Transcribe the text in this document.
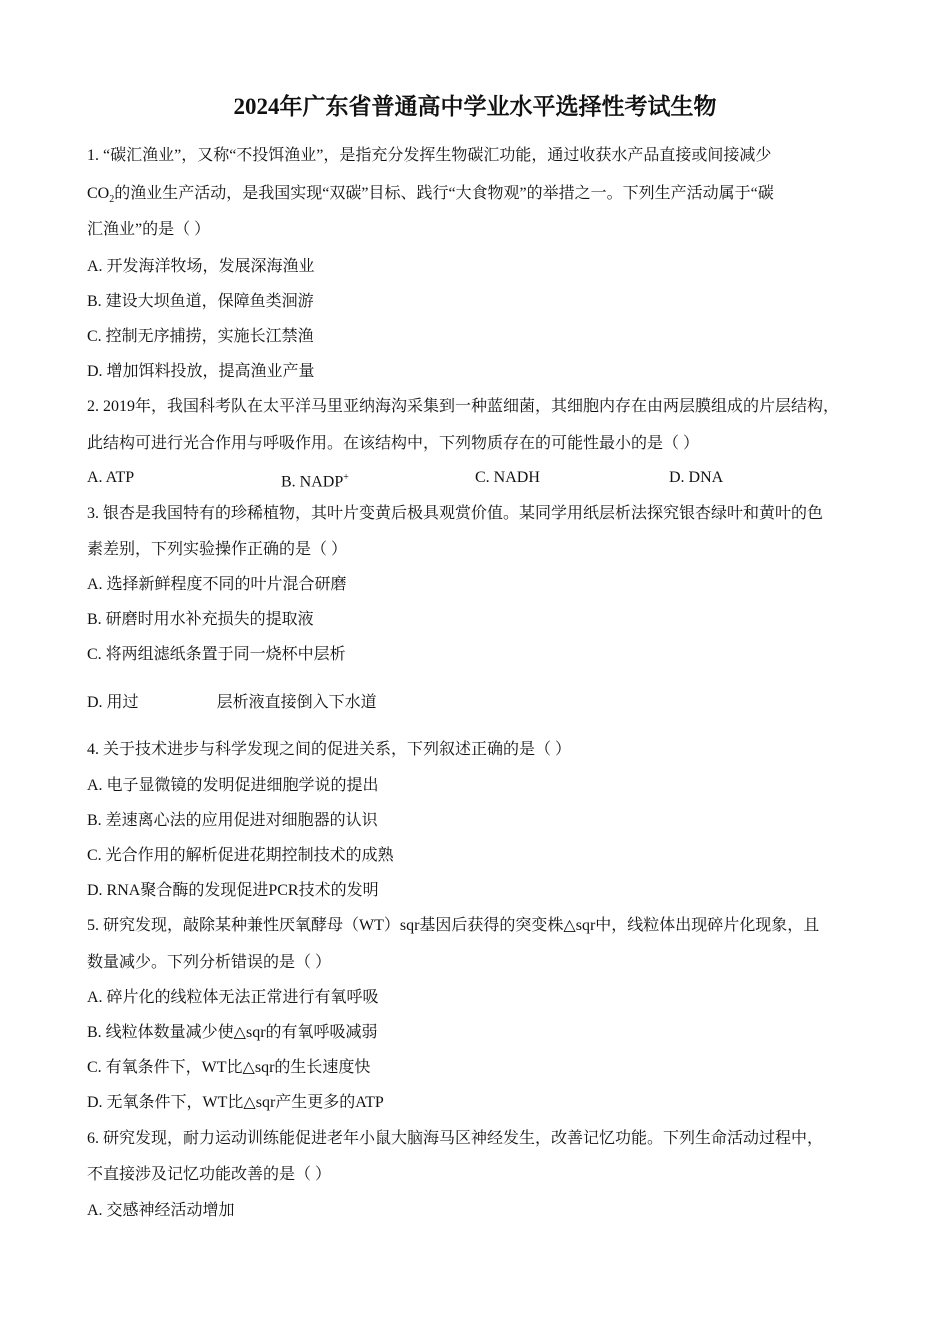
2024年广东省普通高中学业水平选择性考试生物
1. “碳汇渔业”，又称“不投饵渔业”，是指充分发挥生物碳汇功能，通过收获水产品直接或间接减少
汇渔业”的是（ ）
A. 开发海洋牧场，发展深海渔业
B. 建设大坝鱼道，保障鱼类洄游
C. 控制无序捕捞，实施长江禁渔
D. 增加饵料投放，提高渔业产量
2. 2019年，我国科考队在太平洋马里亚纳海沟采集到一种蓝细菌，其细胞内存在由两层膜组成的片层结构，
此结构可进行光合作用与呼吸作用。在该结构中，下列物质存在的可能性最小的是（ ）
3. 银杏是我国特有的珍稀植物，其叶片变黄后极具观赏价值。某同学用纸层析法探究银杏绿叶和黄叶的色
素差别，下列实验操作正确的是（ ）
A. 选择新鲜程度不同的叶片混合研磨
B. 研磨时用水补充损失的提取液
C. 将两组滤纸条置于同一烧杯中层析
4. 关于技术进步与科学发现之间的促进关系，下列叙述正确的是（ ）
A. 电子显微镜的发明促进细胞学说的提出
B. 差速离心法的应用促进对细胞器的认识
C. 光合作用的解析促进花期控制技术的成熟
D. RNA聚合酶的发现促进PCR技术的发明
5. 研究发现，敲除某种兼性厌氧酵母（WT）sqr基因后获得的突变株△sqr中，线粒体出现碎片化现象，且
数量减少。下列分析错误的是（ ）
A. 碎片化的线粒体无法正常进行有氧呼吸
B. 线粒体数量减少使△sqr的有氧呼吸减弱
C. 有氧条件下，WT比△sqr的生长速度快
D. 无氧条件下，WT比△sqr产生更多的ATP
6. 研究发现，耐力运动训练能促进老年小鼠大脑海马区神经发生，改善记忆功能。下列生命活动过程中，
不直接涉及记忆功能改善的是（ ）
A. 交感神经活动增加
$CO_2$的渔业生产活动，是我国实现“双碳”目标、践行“大食物观”的举措之一。下列生产活动属于“碳
A. ATP	C. NADH	D. DNA
B. NADP+
D. 用过	层析液直接倒入下水道
